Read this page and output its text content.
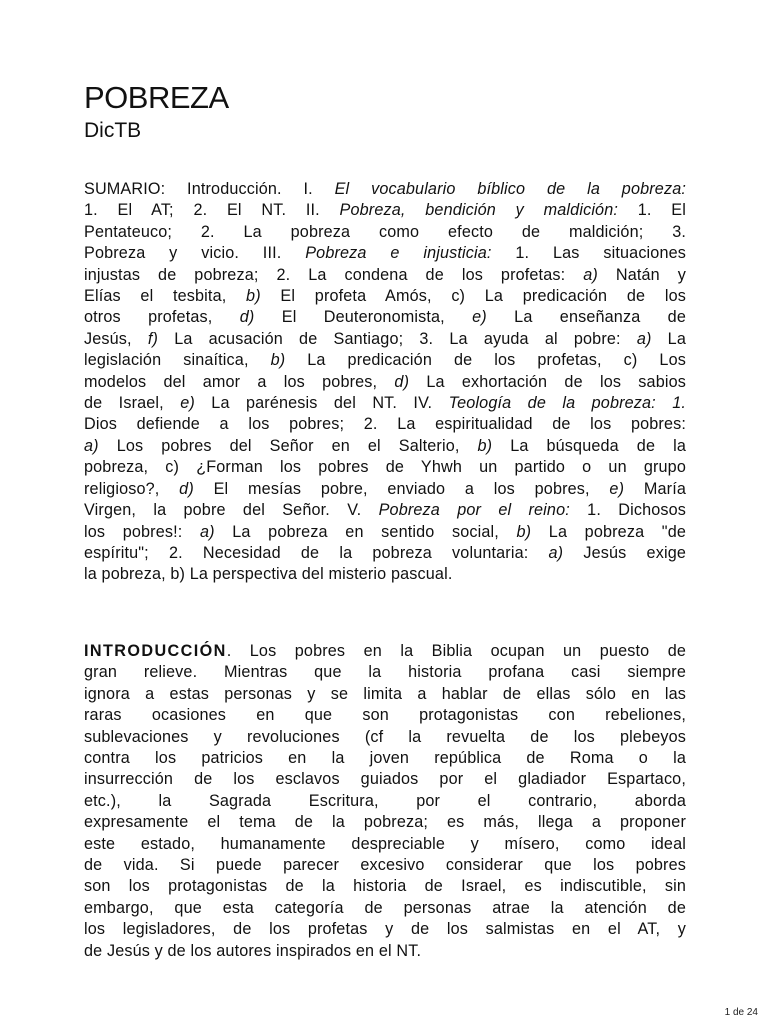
POBREZA
DicTB

SUMARIO: Introducción. I. El vocabulario bíblico de la pobreza:
1. El AT; 2. El NT. II. Pobreza, bendición y maldición: 1. El
Pentateuco; 2. La pobreza como efecto de maldición; 3.
Pobreza y vicio. III. Pobreza e injusticia: 1. Las situaciones
injustas de pobreza; 2. La condena de los profetas: a) Natán y
Elías el tesbita, b) El profeta Amós, c) La predicación de los
otros profetas, d) El Deuteronomista, e) La enseñanza de
Jesús, f) La acusación de Santiago; 3. La ayuda al pobre: a) La
legislación sinaítica, b) La predicación de los profetas, c) Los
modelos del amor a los pobres, d) La exhortación de los sabios
de Israel, e) La parénesis del NT. IV. Teología de la pobreza: 1.
Dios defiende a los pobres; 2. La espiritualidad de los pobres:
a) Los pobres del Señor en el Salterio, b) La búsqueda de la
pobreza, c) ¿Forman los pobres de Yhwh un partido o un grupo
religioso?, d) El mesías pobre, enviado a los pobres, e) María
Virgen, la pobre del Señor. V. Pobreza por el reino: 1. Dichosos
los pobres!: a) La pobreza en sentido social, b) La pobreza "de
espíritu"; 2. Necesidad de la pobreza voluntaria: a) Jesús exige
la pobreza, b) La perspectiva del misterio pascual.

INTRODUCCIÓN. Los pobres en la Biblia ocupan un puesto de
gran relieve. Mientras que la historia profana casi siempre
ignora a estas personas y se limita a hablar de ellas sólo en las
raras ocasiones en que son protagonistas con rebeliones,
sublevaciones y revoluciones (cf la revuelta de los plebeyos
contra los patricios en la joven república de Roma o la
insurrección de los esclavos guiados por el gladiador Espartaco,
etc.), la Sagrada Escritura, por el contrario, aborda
expresamente el tema de la pobreza; es más, llega a proponer
este estado, humanamente despreciable y mísero, como ideal
de vida. Si puede parecer excesivo considerar que los pobres
son los protagonistas de la historia de Israel, es indiscutible, sin
embargo, que esta categoría de personas atrae la atención de
los legisladores, de los profetas y de los salmistas en el AT, y
de Jesús y de los autores inspirados en el NT.

1 de 24
